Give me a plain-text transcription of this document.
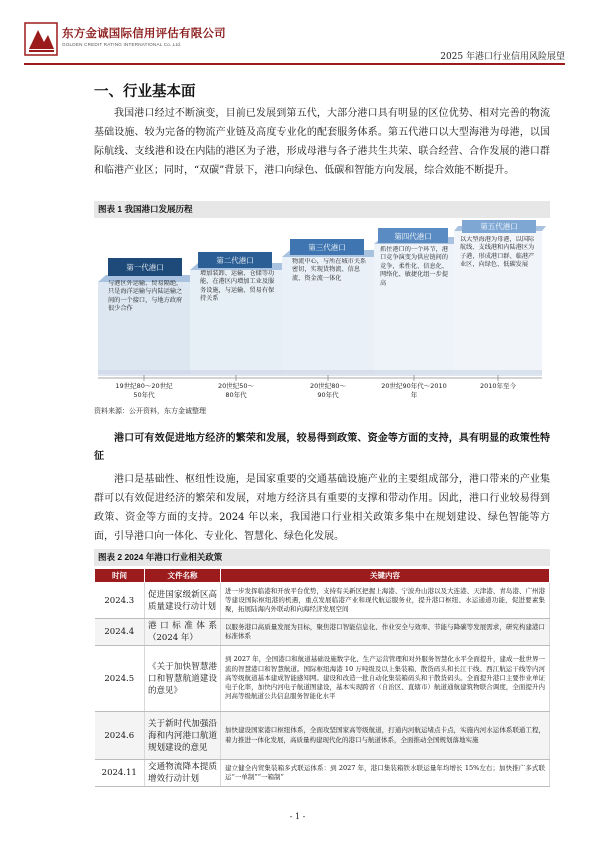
东方金诚国际信用评估有限公司
GOLDEN CREDIT RATING INTERNATIONAL Co.,Ltd.
2025 年港口行业信用风险展望
一、行业基本面
我国港口经过不断演变，目前已发展到第五代，大部分港口具有明显的区位优势、相对完善的物流基础设施、较为完备的物流产业链及高度专业化的配套服务体系。第五代港口以大型海港为母港，以国际航线、支线港和设在内陆的港区为子港，形成母港与各子港共生共荣、联合经营、合作发展的港口群和临港产业区；同时，“双碳”背景下，港口向绿色、低碳和智能方向发展，综合效能不断提升。
图表 1 我国港口发展历程
第一代港口
第二代港口
第三代港口
第四代港口
第五代港口
与港区外运输、贸易隔绝，只是海洋运输与内陆运输之间的一个接口，与地方政府很少合作
增加装卸、运输、仓储等功能，在港区内增加工业及服务设施，与运输、贸易有保持关系
物流中心，与所在城市关系密切，实现货物流、信息流、资金流一体化
抓住港口的一个环节，港口竞争演变为供应链间的竞争，柔性化、信息化、网络化、敏捷化组一步提高
以大型海港为母港，以国际航线、支线港和内陆港区为子港，形成港口群、临港产业区，向绿色、低碳发展
19世纪80～20世纪50年代
20世纪50～80年代
20世纪80～90年代
20世纪90年代～2010年
2010年至今
资料来源：公开资料，东方金诚整理
港口可有效促进地方经济的繁荣和发展，较易得到政策、资金等方面的支持，具有明显的政策性特征
港口是基础性、枢纽性设施，是国家重要的交通基础设施产业的主要组成部分，港口带来的产业集群可以有效促进经济的繁荣和发展，对地方经济具有重要的支撑和带动作用。因此，港口行业较易得到政策、资金等方面的支持。2024 年以来，我国港口行业相关政策多集中在规划建设、绿色智能等方面，引导港口向一体化、专业化、智慧化、绿色化发展。
图表 2 2024 年港口行业相关政策
时间	文件名称	关键内容
2024.3	促进国家级新区高质量建设行动计划	进一步发挥临港和开放平台优势，支持有关新区把握上海港、宁波舟山港以及大连港、天津港、青岛港、广州港等建设国际枢纽港的机遇，重点发展临港产业和现代航运服务业，提升港口枢纽、水运通道功能，促进要素集聚，拓展陆海内外联动和向海经济发展空间
2024.4	港口标准体系（2024 年）	以服务港口高质量发展为目标，聚焦港口智能信息化、作业安全与效率、节能与降碳等发展需求，研究构建港口标准体系
2024.5	《关于加快智慧港口和智慧航道建设的意见》	到 2027 年，全国港口和航道基础设施数字化、生产运营管理和对外服务智慧化水平全面提升，建成一批世界一流的智慧港口和智慧航道。国际枢纽海港 10 万吨级及以上集装箱、散货码头和长江干线、西江航运干线等内河高等级航道基本建成智能感知网。建设和改造一批自动化集装箱码头和干散货码头。全面提升港口主要作业单证电子化率，加快内河电子航道图建设，基本实现跨省（自治区、直辖市）航道通航建筑物联合调度，全面提升内河高等级航道公共信息服务智能化水平
2024.6	关于新时代加强沿海和内河港口航道规划建设的意见	加快建设国家港口枢纽体系，全面攻坚国家高等级航道，打通内河航运堵点卡点，实施内河水运体系联通工程，着力推进一体化发展，高质量构建现代化的港口与航道体系，全面推动全国规划落地实施
2024.11	交通物流降本提质增效行动计划	建立健全内贸集装箱多式联运体系：到 2027 年，港口集装箱铁水联运量年均增长 15%左右；加快推广多式联运“一单制”“一箱制”
- 1 -
